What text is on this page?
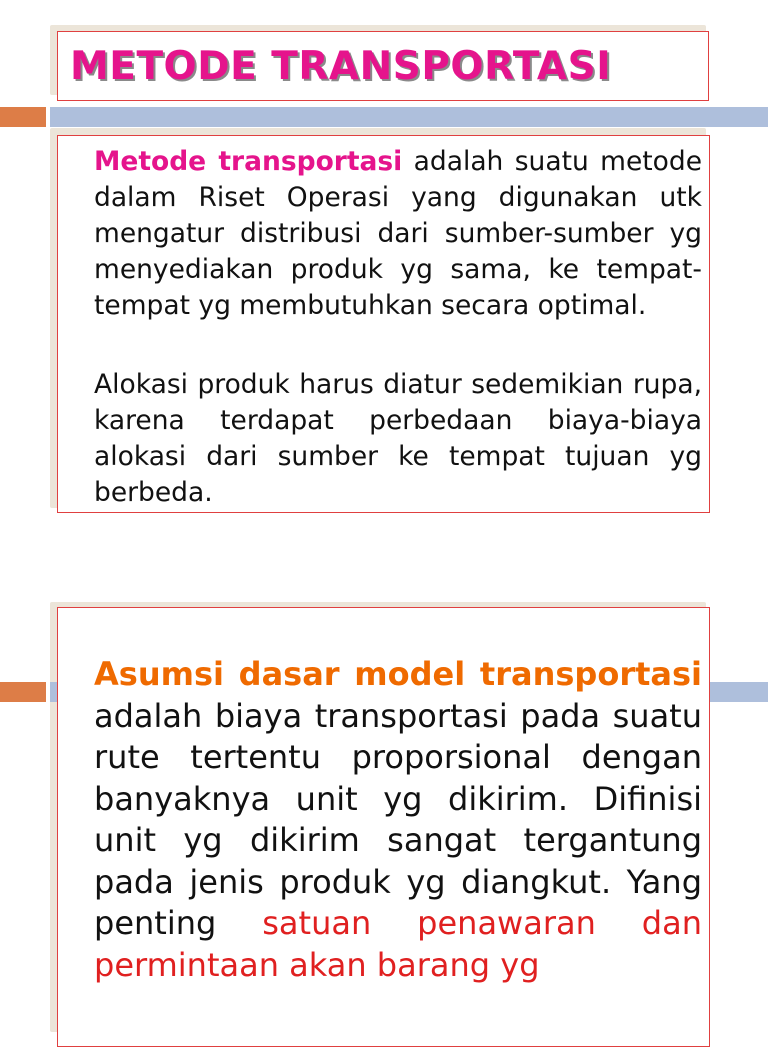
METODE TRANSPORTASI

Metode transportasi adalah suatu metode dalam Riset Operasi yang digunakan utk mengatur distribusi dari sumber-sumber yg menyediakan produk yg sama, ke tempat-tempat yg membutuhkan secara optimal.

Alokasi produk harus diatur sedemikian rupa, karena terdapat perbedaan biaya-biaya alokasi dari sumber ke tempat tujuan yg berbeda.

Asumsi dasar model transportasi adalah biaya transportasi pada suatu rute tertentu proporsional dengan banyaknya unit yg dikirim. Difinisi unit yg dikirim sangat tergantung pada jenis produk yg diangkut. Yang penting satuan penawaran dan permintaan akan barang yg
